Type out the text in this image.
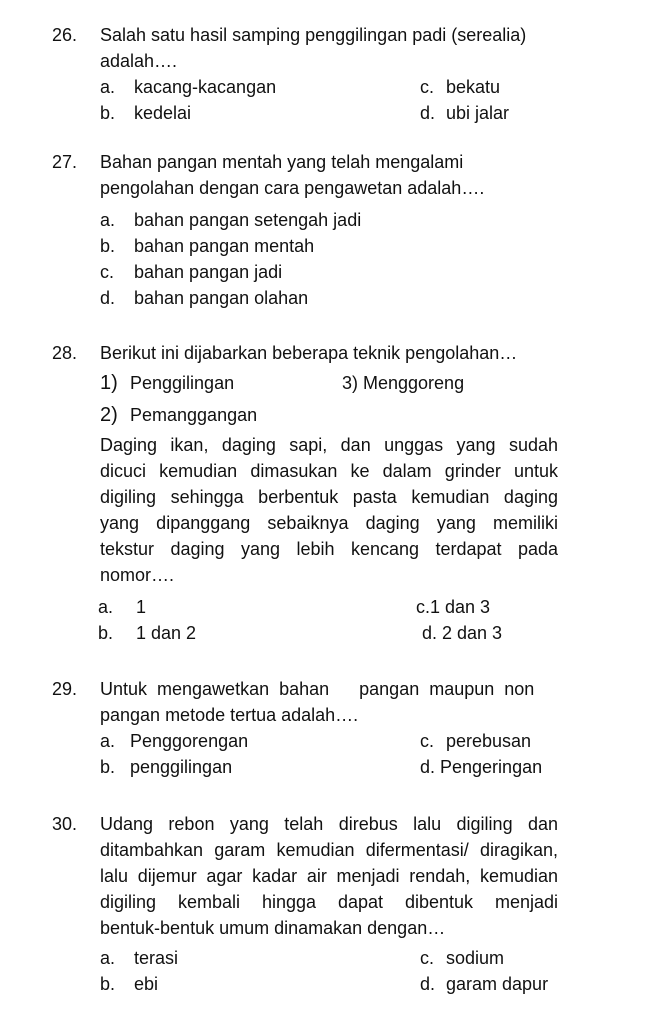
26.	Salah satu hasil samping penggilingan padi (serealia)
adalah….
a. kacang-kacangan	c. bekatu
b. kedelai	d. ubi jalar
27.	Bahan pangan mentah yang telah mengalami
pengolahan dengan cara pengawetan adalah….
a. bahan pangan setengah jadi
b. bahan pangan mentah
c. bahan pangan jadi
d. bahan pangan olahan
28.	Berikut ini dijabarkan beberapa teknik pengolahan…
1) Penggilingan	3) Menggoreng
2) Pemanggangan
Daging ikan, daging sapi, dan unggas yang sudah
dicuci kemudian dimasukan ke dalam grinder untuk
digiling sehingga berbentuk pasta kemudian daging
yang dipanggang sebaiknya daging yang memiliki
tekstur daging yang lebih kencang terdapat pada
nomor….
a. 1	c.1 dan 3
b. 1 dan 2	d. 2 dan 3
29.	Untuk mengawetkan bahan   pangan maupun non
pangan metode tertua adalah….
a. Penggorengan	c. perebusan
b. penggilingan	d. Pengeringan
30.	Udang rebon yang telah direbus lalu digiling dan
ditambahkan garam kemudian difermentasi/ diragikan,
lalu dijemur agar kadar air menjadi rendah, kemudian
digiling kembali hingga dapat dibentuk menjadi
bentuk-bentuk umum dinamakan dengan…
a. terasi	c. sodium
b. ebi	d. garam dapur
